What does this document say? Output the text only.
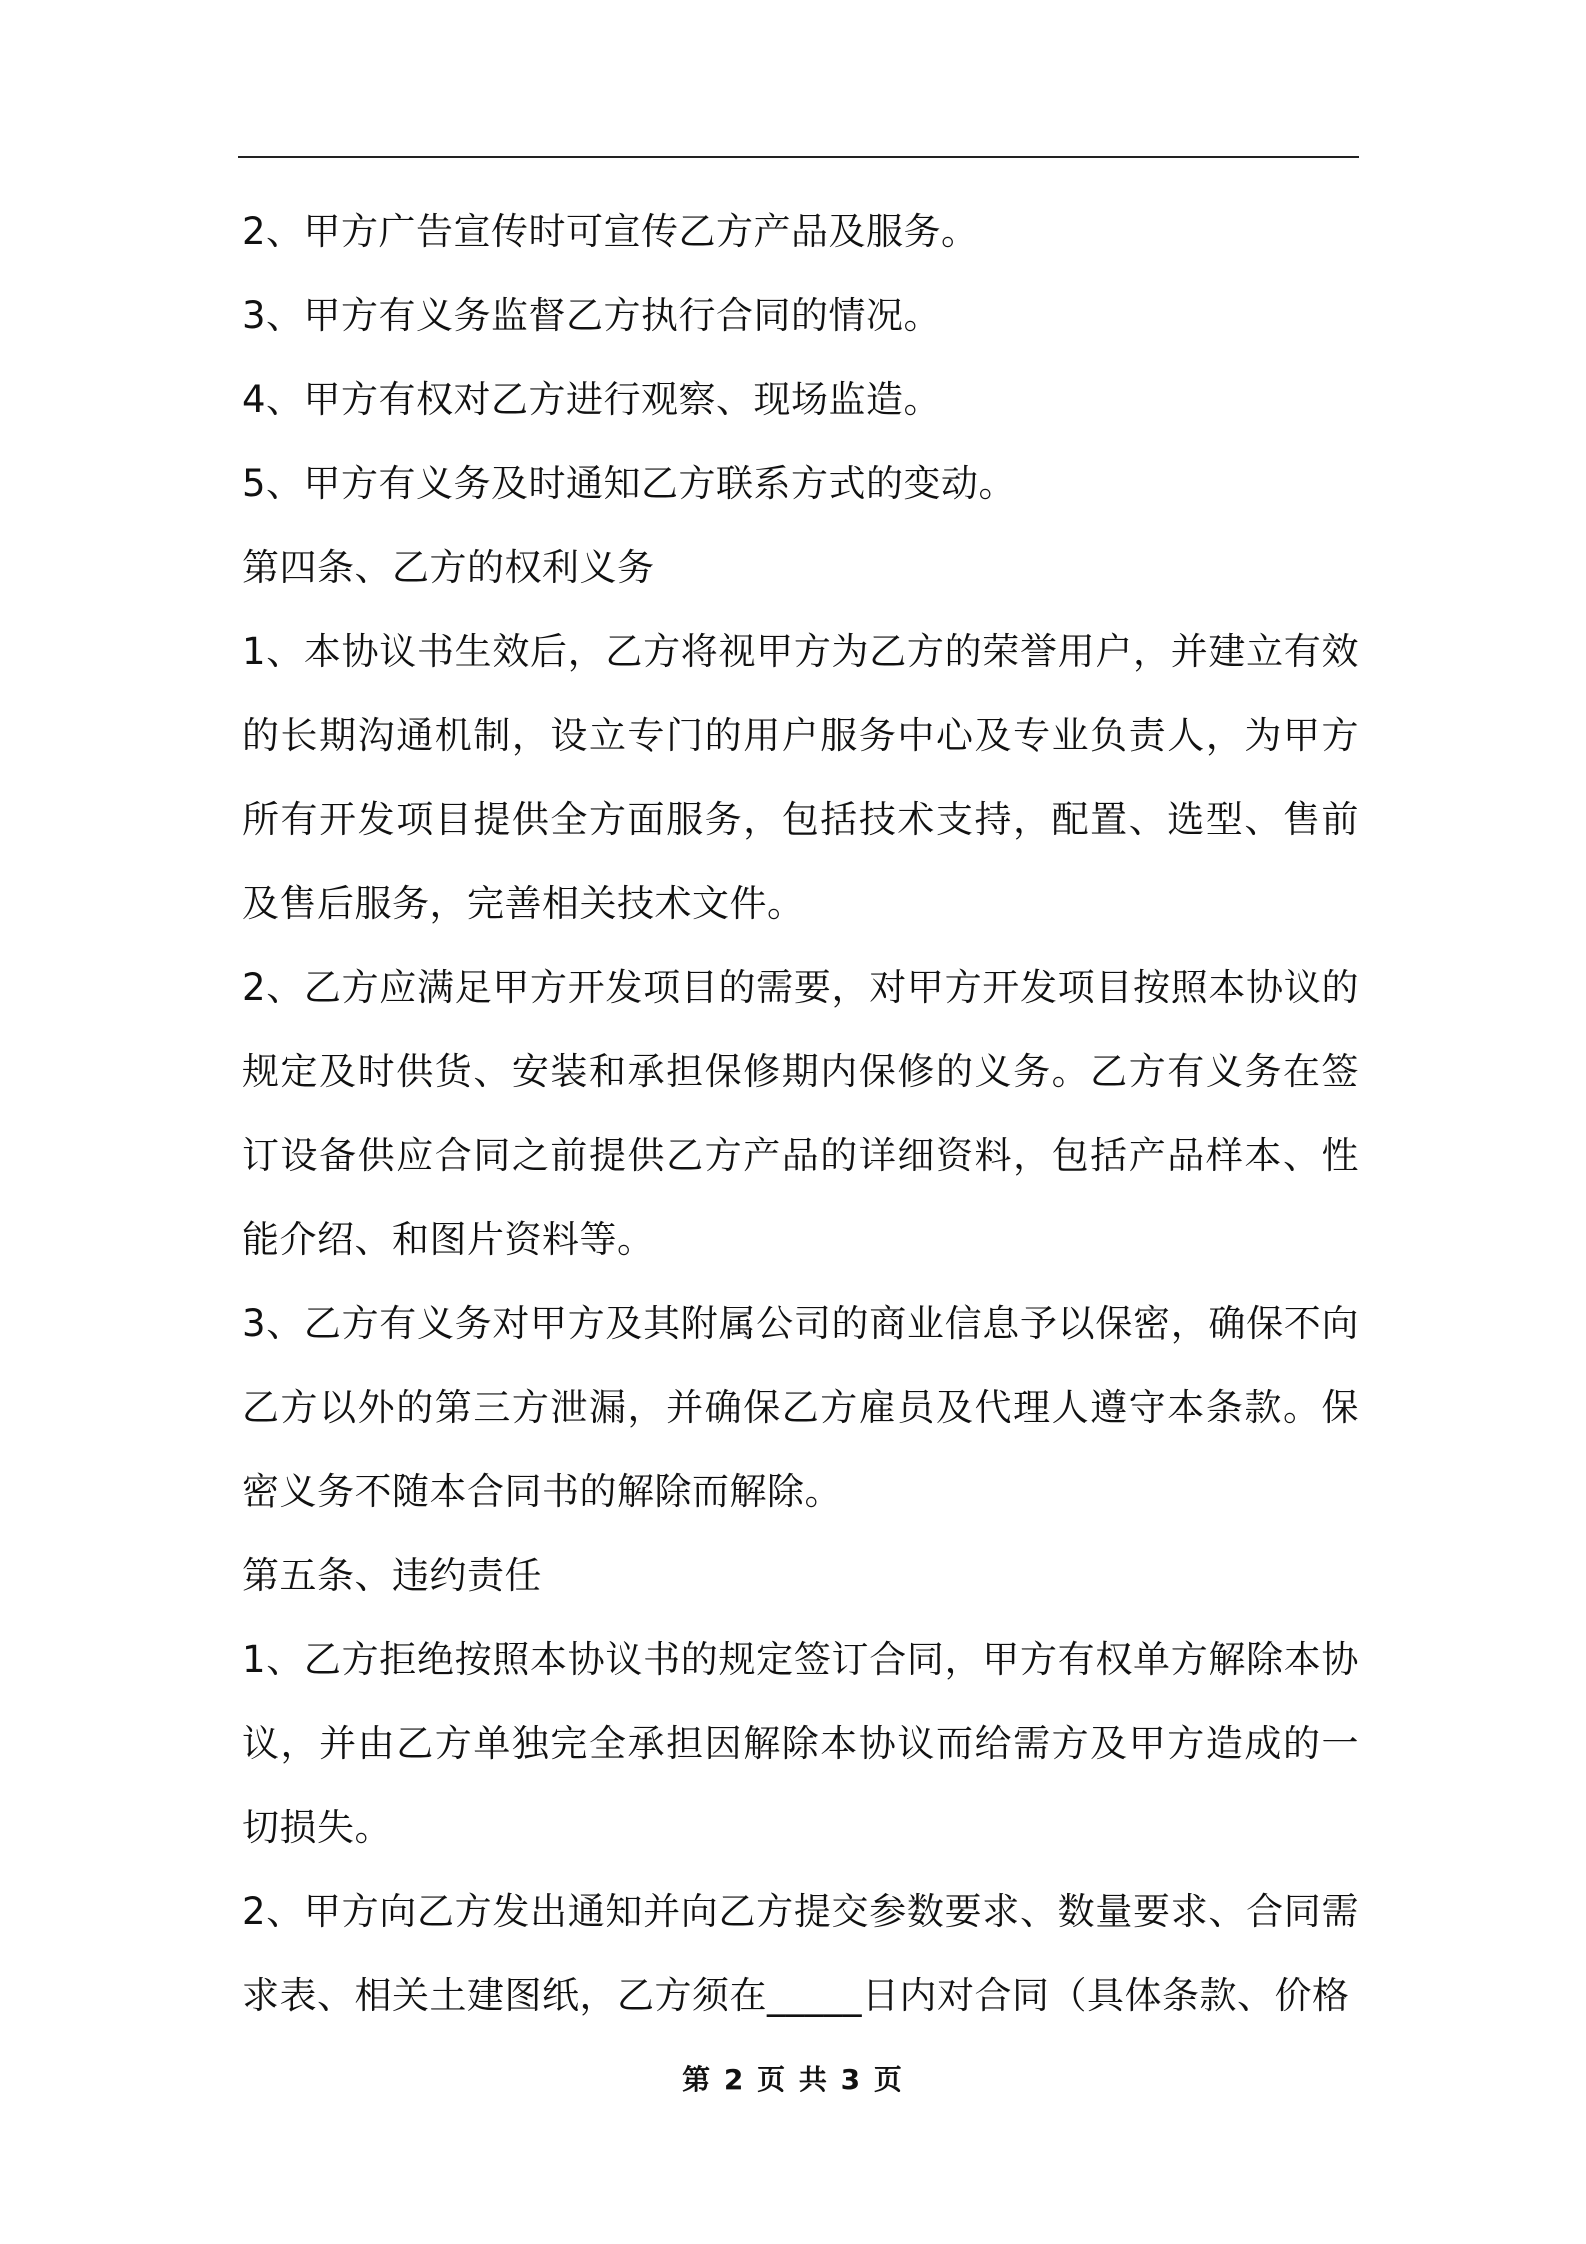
2、甲方广告宣传时可宣传乙方产品及服务。

3、甲方有义务监督乙方执行合同的情况。

4、甲方有权对乙方进行观察、现场监造。

5、甲方有义务及时通知乙方联系方式的变动。

第四条、乙方的权利义务

1、本协议书生效后，乙方将视甲方为乙方的荣誉用户，并建立有效的长期沟通机制，设立专门的用户服务中心及专业负责人，为甲方所有开发项目提供全方面服务，包括技术支持，配置、选型、售前及售后服务，完善相关技术文件。

2、乙方应满足甲方开发项目的需要，对甲方开发项目按照本协议的规定及时供货、安装和承担保修期内保修的义务。乙方有义务在签订设备供应合同之前提供乙方产品的详细资料，包括产品样本、性能介绍、和图片资料等。

3、乙方有义务对甲方及其附属公司的商业信息予以保密，确保不向乙方以外的第三方泄漏，并确保乙方雇员及代理人遵守本条款。保密义务不随本合同书的解除而解除。

第五条、违约责任

1、乙方拒绝按照本协议书的规定签订合同，甲方有权单方解除本协议，并由乙方单独完全承担因解除本协议而给需方及甲方造成的一切损失。

2、甲方向乙方发出通知并向乙方提交参数要求、数量要求、合同需求表、相关土建图纸，乙方须在_____日内对合同（具体条款、价格

第 2 页 共 3 页
